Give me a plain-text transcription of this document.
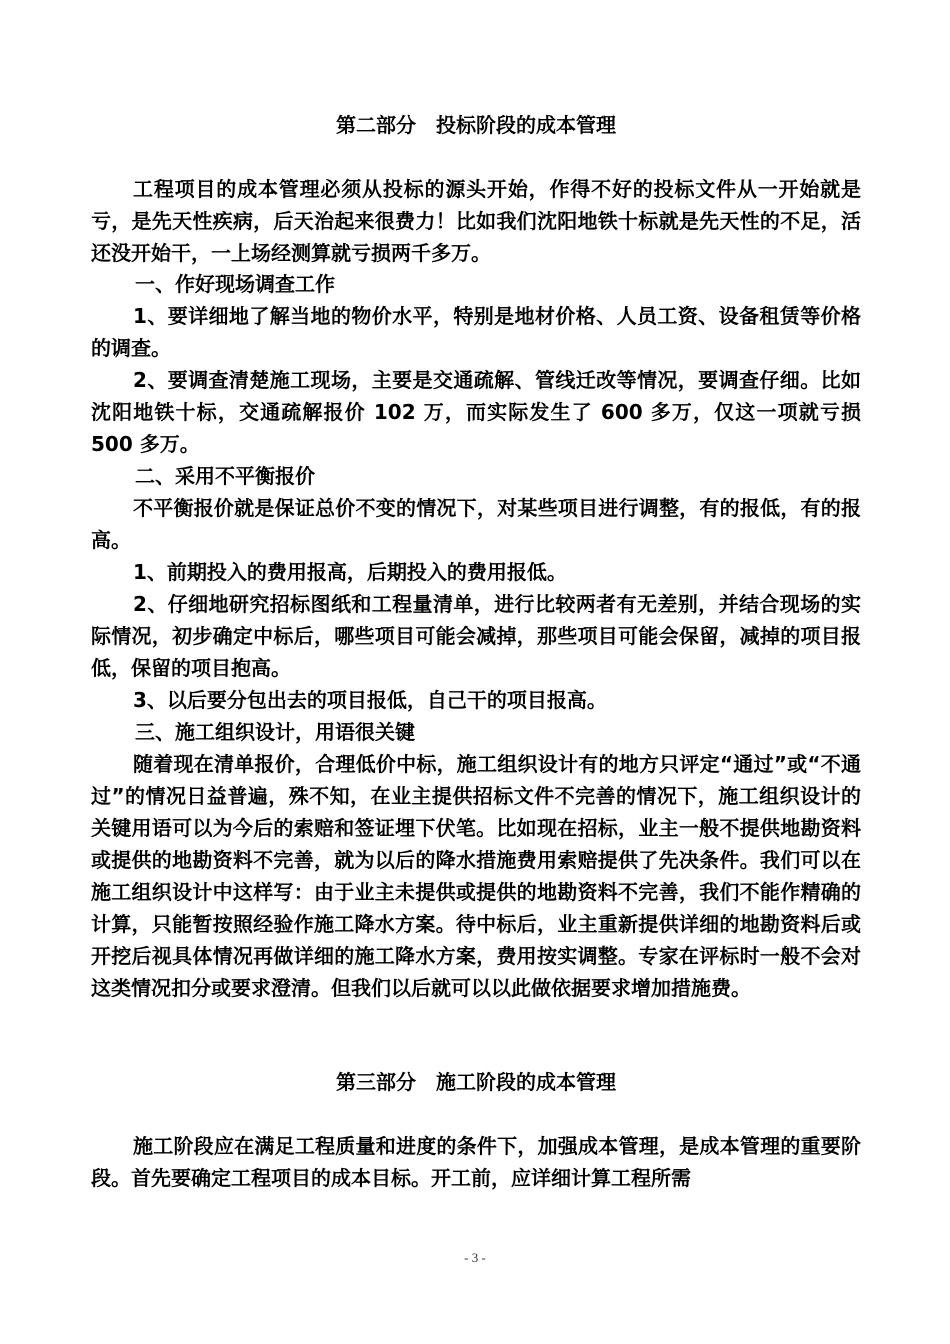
第二部分　投标阶段的成本管理

工程项目的成本管理必须从投标的源头开始，作得不好的投标文件从一开始就是亏，是先天性疾病，后天治起来很费力！比如我们沈阳地铁十标就是先天性的不足，活还没开始干，一上场经测算就亏损两千多万。

一、作好现场调查工作

1、要详细地了解当地的物价水平，特别是地材价格、人员工资、设备租赁等价格的调查。

2、要调查清楚施工现场，主要是交通疏解、管线迁改等情况，要调查仔细。比如沈阳地铁十标，交通疏解报价 102 万，而实际发生了 600 多万，仅这一项就亏损 500 多万。

二、采用不平衡报价

不平衡报价就是保证总价不变的情况下，对某些项目进行调整，有的报低，有的报高。

1、前期投入的费用报高，后期投入的费用报低。

2、仔细地研究招标图纸和工程量清单，进行比较两者有无差别，并结合现场的实际情况，初步确定中标后，哪些项目可能会减掉，那些项目可能会保留，减掉的项目报低，保留的项目抱高。

3、以后要分包出去的项目报低，自己干的项目报高。

三、施工组织设计，用语很关键

随着现在清单报价，合理低价中标，施工组织设计有的地方只评定“通过”或“不通过”的情况日益普遍，殊不知，在业主提供招标文件不完善的情况下，施工组织设计的关键用语可以为今后的索赔和签证埋下伏笔。比如现在招标，业主一般不提供地勘资料或提供的地勘资料不完善，就为以后的降水措施费用索赔提供了先决条件。我们可以在施工组织设计中这样写：由于业主未提供或提供的地勘资料不完善，我们不能作精确的计算，只能暂按照经验作施工降水方案。待中标后，业主重新提供详细的地勘资料后或开挖后视具体情况再做详细的施工降水方案，费用按实调整。专家在评标时一般不会对这类情况扣分或要求澄清。但我们以后就可以以此做依据要求增加措施费。

第三部分　施工阶段的成本管理

施工阶段应在满足工程质量和进度的条件下，加强成本管理，是成本管理的重要阶段。首先要确定工程项目的成本目标。开工前，应详细计算工程所需

- 3 -
